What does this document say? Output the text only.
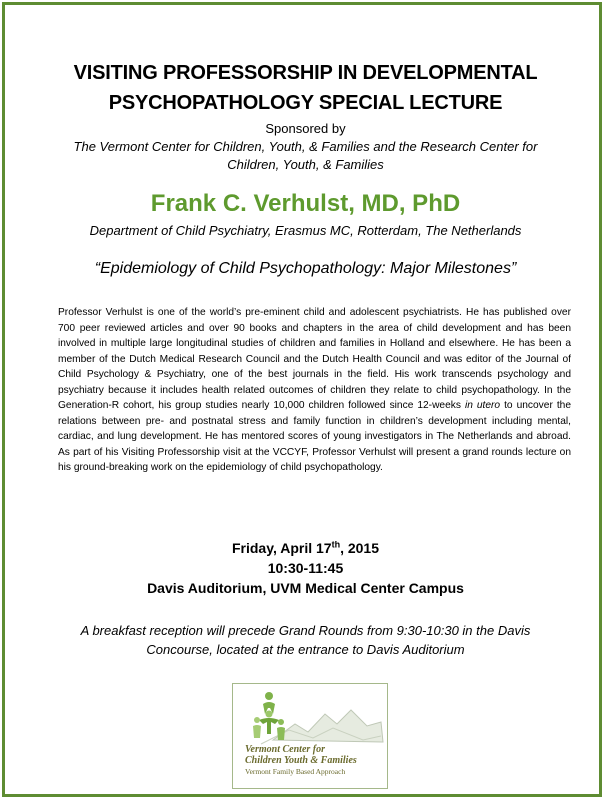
VISITING PROFESSORSHIP IN DEVELOPMENTAL
PSYCHOPATHOLOGY SPECIAL LECTURE
Sponsored by
The Vermont Center for Children, Youth, & Families and the Research Center for Children, Youth, & Families
Frank C. Verhulst, MD, PhD
Department of Child Psychiatry, Erasmus MC, Rotterdam, The Netherlands
“Epidemiology of Child Psychopathology: Major Milestones”
Professor Verhulst is one of the world’s pre-eminent child and adolescent psychiatrists. He has published over 700 peer reviewed articles and over 90 books and chapters in the area of child development and has been involved in multiple large longitudinal studies of children and families in Holland and elsewhere. He has been a member of the Dutch Medical Research Council and the Dutch Health Council and was editor of the Journal of Child Psychology & Psychiatry, one of the best journals in the field. His work transcends psychology and psychiatry because it includes health related outcomes of children they relate to child psychopathology. In the Generation-R cohort, his group studies nearly 10,000 children followed since 12-weeks in utero to uncover the relations between pre- and postnatal stress and family function in children’s development including mental, cardiac, and lung development. He has mentored scores of young investigators in The Netherlands and abroad. As part of his Visiting Professorship visit at the VCCYF, Professor Verhulst will present a grand rounds lecture on his ground-breaking work on the epidemiology of child psychopathology.
Friday, April 17th, 2015
10:30-11:45
Davis Auditorium, UVM Medical Center Campus
A breakfast reception will precede Grand Rounds from 9:30-10:30 in the Davis Concourse, located at the entrance to Davis Auditorium
Vermont Center for
Children Youth & Families
Vermont Family Based Approach
